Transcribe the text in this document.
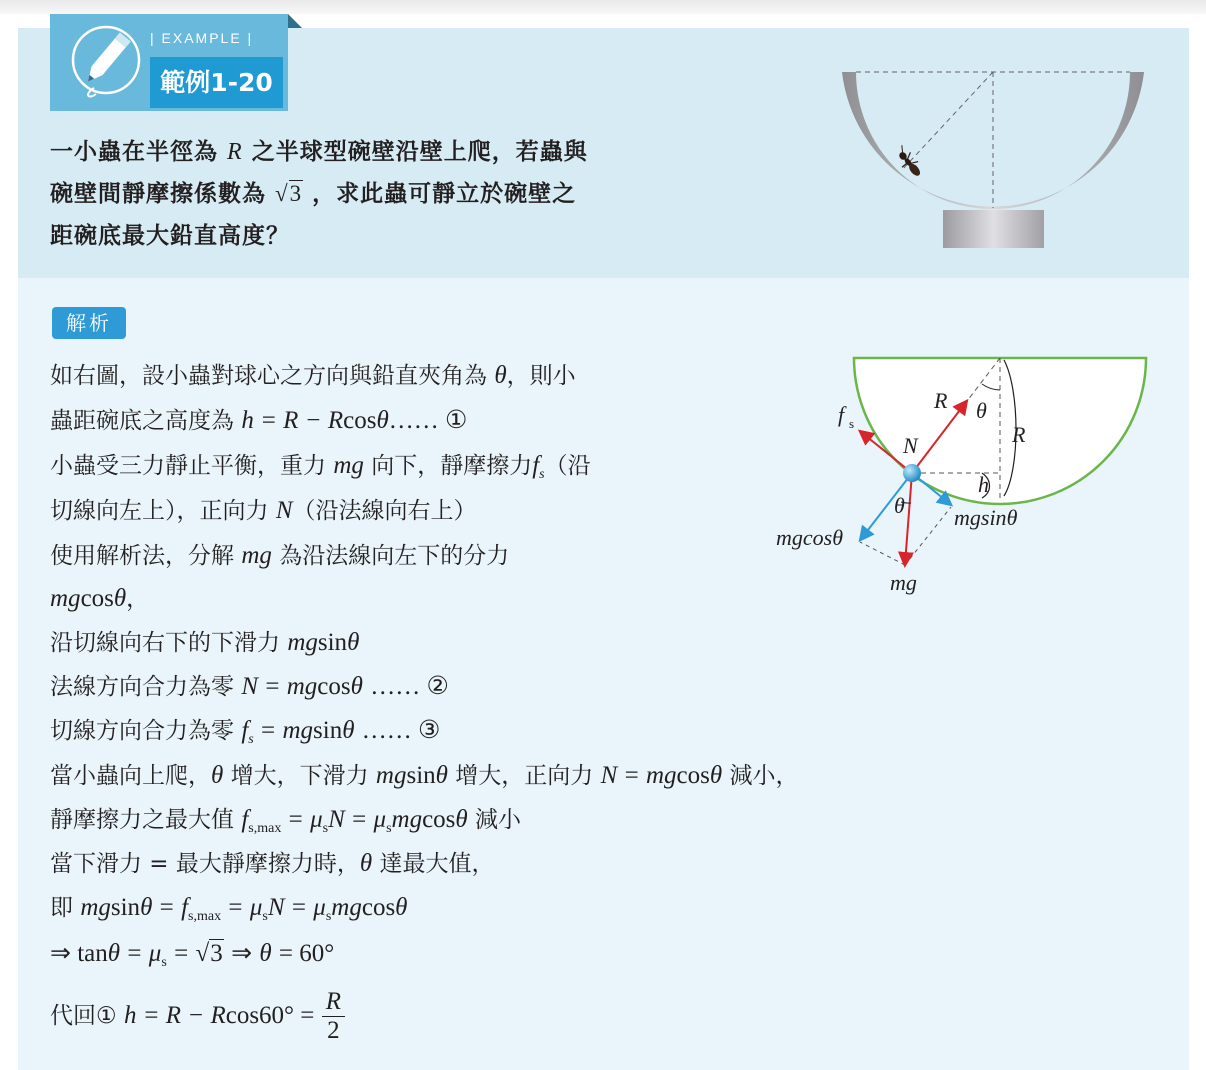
| EXAMPLE |
範例1-20
一小蟲在半徑為 R 之半球型碗壁沿壁上爬，若蟲與
碗壁間靜摩擦係數為 √3 ，求此蟲可靜立於碗壁之
距碗底最大鉛直高度？
解析
如右圖，設小蟲對球心之方向與鉛直夾角為 θ，則小
蟲距碗底之高度為 h = R − Rcosθ…… ①
小蟲受三力靜止平衡，重力 mg 向下，靜摩擦力$f_s$（沿
切線向左上），正向力 N（沿法線向右上）
使用解析法，分解 mg 為沿法線向左下的分力
mgcosθ，
沿切線向右下的下滑力 mgsinθ
法線方向合力為零 N = mgcosθ …… ②
切線方向合力為零 $f_s = mgsin\theta$ …… ③
當小蟲向上爬，θ 增大，下滑力 mgsinθ 增大，正向力 N = mgcosθ 減小，
靜摩擦力之最大值 $f_{s,max} = \mu_sN = \mu_smgcos\theta$ 減小
當下滑力 = 最大靜摩擦力時，θ 達最大值，
即 $mgsin\theta = f_{s,max} = \mu_sN = \mu_smgcos\theta$
⇒ $\tan\theta = \mu_s = √3$ ⇒ θ = 60°
代回① $h = R - Rcos60^\circ = \frac{R}{2}$
f s
R θ
R
N
h
θ mgsinθ
mgcosθ
mg
